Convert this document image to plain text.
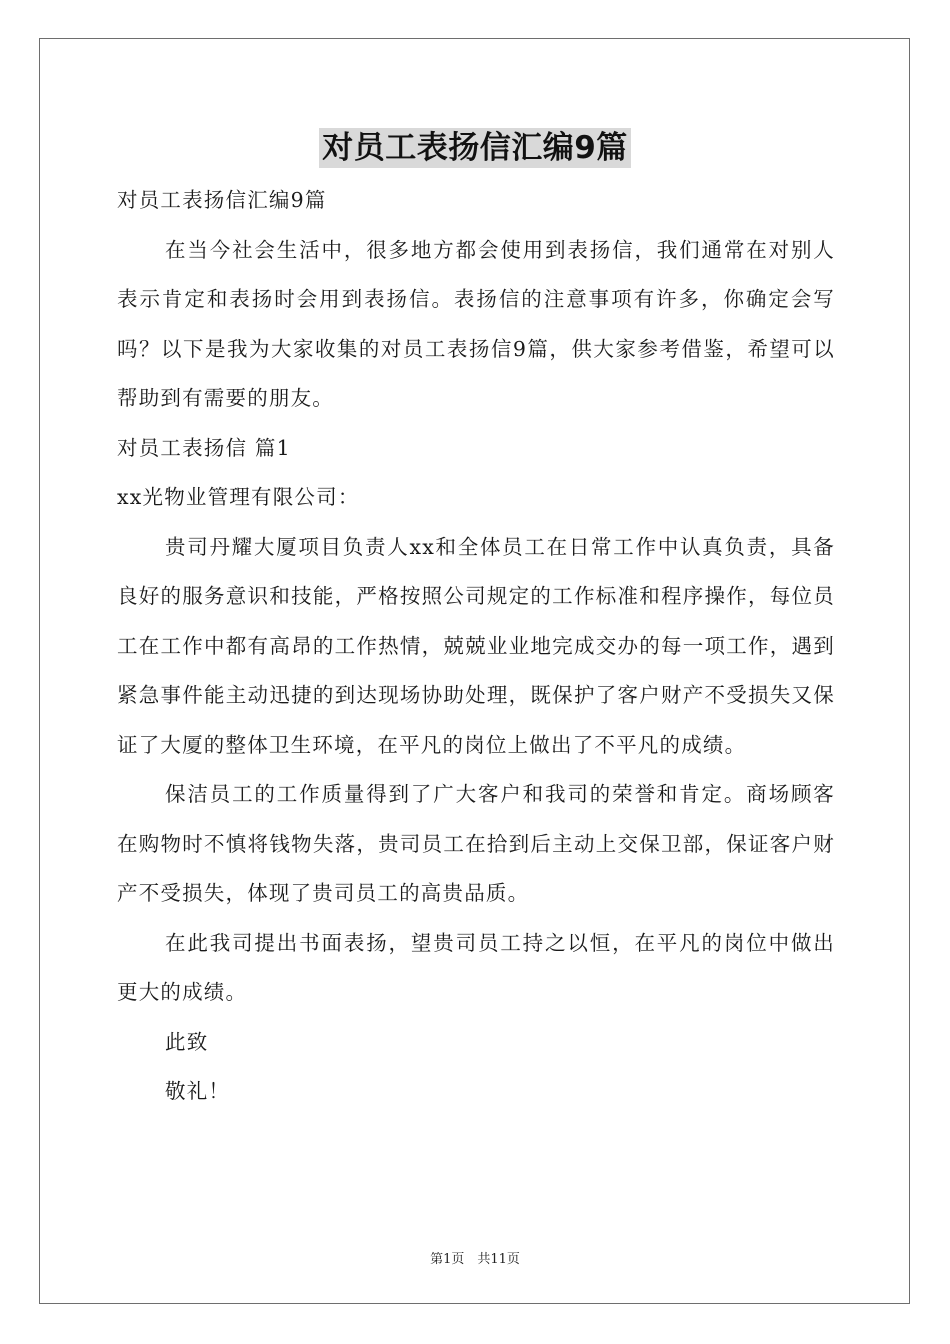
对员工表扬信汇编9篇

对员工表扬信汇编9篇

在当今社会生活中，很多地方都会使用到表扬信，我们通常在对别人表示肯定和表扬时会用到表扬信。表扬信的注意事项有许多，你确定会写吗？以下是我为大家收集的对员工表扬信9篇，供大家参考借鉴，希望可以帮助到有需要的朋友。

对员工表扬信 篇1

xx光物业管理有限公司：

贵司丹耀大厦项目负责人xx和全体员工在日常工作中认真负责，具备良好的服务意识和技能，严格按照公司规定的工作标准和程序操作，每位员工在工作中都有高昂的工作热情，兢兢业业地完成交办的每一项工作，遇到紧急事件能主动迅捷的到达现场协助处理，既保护了客户财产不受损失又保证了大厦的整体卫生环境，在平凡的岗位上做出了不平凡的成绩。

保洁员工的工作质量得到了广大客户和我司的荣誉和肯定。商场顾客在购物时不慎将钱物失落，贵司员工在拾到后主动上交保卫部，保证客户财产不受损失，体现了贵司员工的高贵品质。

在此我司提出书面表扬，望贵司员工持之以恒，在平凡的岗位中做出更大的成绩。

此致

敬礼！

第1页　共11页
